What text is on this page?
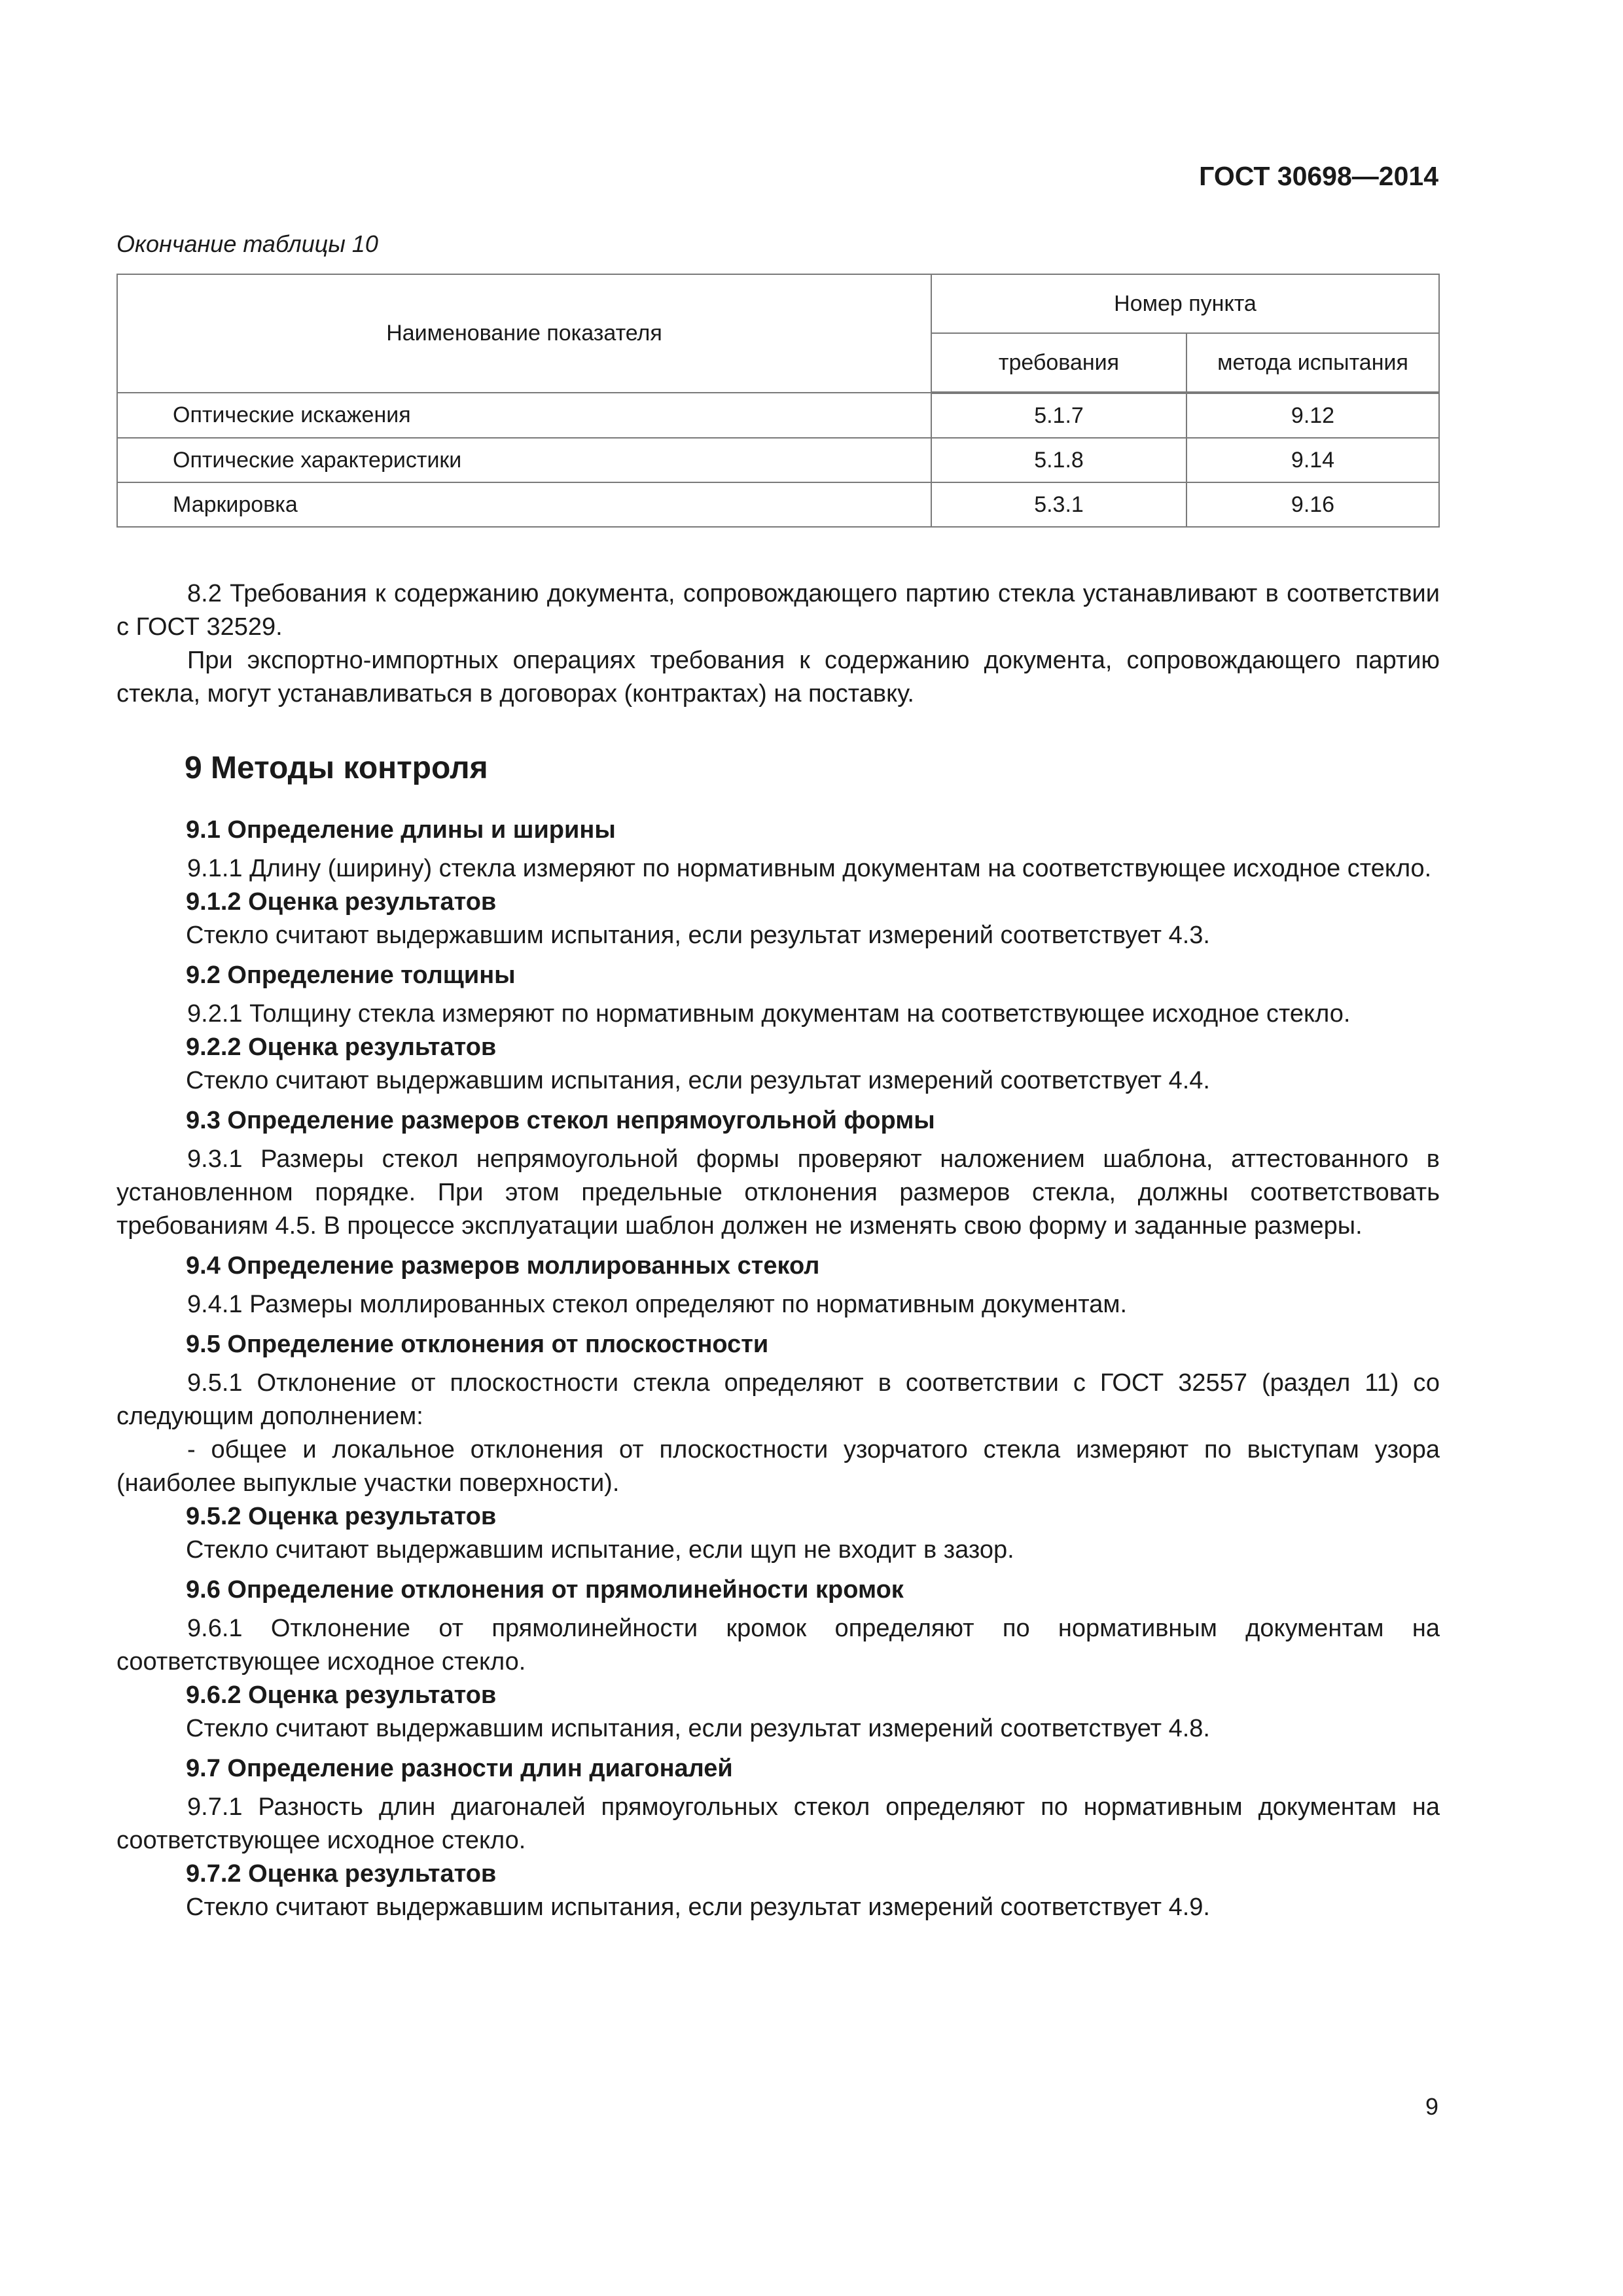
ГОСТ 30698—2014
Окончание таблицы 10
Наименование показателя	Номер пункта	
	требования	метода испытания
Оптические искажения	5.1.7	9.12
Оптические характеристики	5.1.8	9.14
Маркировка	5.3.1	9.16

8.2 Требования к содержанию документа, сопровождающего партию стекла устанавливают в соответствии с ГОСТ 32529.

При экспортно-импортных операциях требования к содержанию документа, сопровождающего партию стекла, могут устанавливаться в договорах (контрактах) на поставку.

9 Методы контроля
9.1 Определение длины и ширины

9.1.1 Длину (ширину) стекла измеряют по нормативным документам на соответствующее исходное стекло.

9.1.2 Оценка результатов

Стекло считают выдержавшим испытания, если результат измерений соответствует 4.3.

9.2 Определение толщины

9.2.1 Толщину стекла измеряют по нормативным документам на соответствующее исходное стекло.

9.2.2 Оценка результатов

Стекло считают выдержавшим испытания, если результат измерений соответствует 4.4.

9.3 Определение размеров стекол непрямоугольной формы

9.3.1 Размеры стекол непрямоугольной формы проверяют наложением шаблона, аттестованного в установленном порядке. При этом предельные отклонения размеров стекла, должны соответствовать требованиям 4.5. В процессе эксплуатации шаблон должен не изменять свою форму и заданные размеры.

9.4 Определение размеров моллированных стекол

9.4.1 Размеры моллированных стекол определяют по нормативным документам.

9.5 Определение отклонения от плоскостности

9.5.1 Отклонение от плоскостности стекла определяют в соответствии с ГОСТ 32557 (раздел 11) со следующим дополнением:

- общее и локальное отклонения от плоскостности узорчатого стекла измеряют по выступам узора (наиболее выпуклые участки поверхности).

9.5.2 Оценка результатов

Стекло считают выдержавшим испытание, если щуп не входит в зазор.

9.6 Определение отклонения от прямолинейности кромок

9.6.1 Отклонение от прямолинейности кромок определяют по нормативным документам на соответствующее исходное стекло.

9.6.2 Оценка результатов

Стекло считают выдержавшим испытания, если результат измерений соответствует 4.8.

9.7 Определение разности длин диагоналей

9.7.1 Разность длин диагоналей прямоугольных стекол определяют по нормативным документам на соответствующее исходное стекло.

9.7.2 Оценка результатов

Стекло считают выдержавшим испытания, если результат измерений соответствует 4.9.

9
